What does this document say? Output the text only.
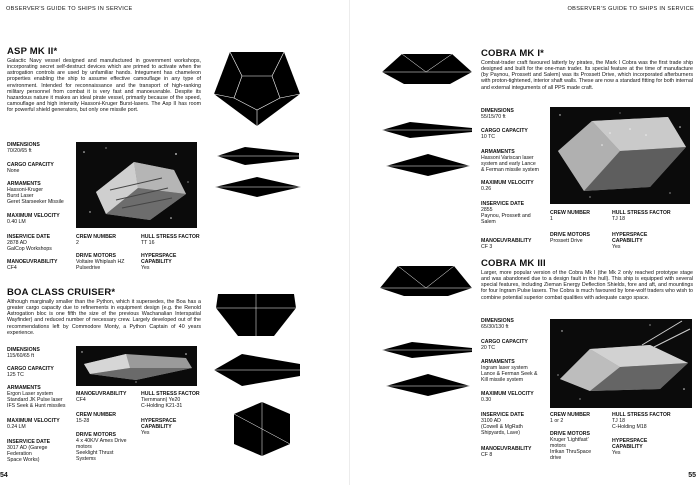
OBSERVER'S GUIDE TO SHIPS IN SERVICE	OBSERVER'S GUIDE TO SHIPS IN SERVICE
54	55
ASP MK II*
Galactic Navy vessel designed and manufactured in government workshops, incorporating secret self-destruct devices which are primed to activate when the astrogation controls are used by unfamiliar hands. Integument has chameleon properties enabling the ship to assume effective camouflage in any type of environment. Intended for reconnaissance and the transport of high-ranking military personnel from combat it is very fast and manoeuvrable. Despite its hazardous nature it makes an ideal pirate vessel, primarily because of the speed, camouflage and high intensity Hassoni-Kruger Burst-lasers. The Asp II has room for powerful shield generators, but only one missile port.
DIMENSIONS
70/20/65 ft
CARGO CAPACITY
None
ARMAMENTS
Hassoni-Kruger
Burst Laser
Geret Starseeker Missile
MAXIMUM VELOCITY
0.40 LM
INSERVICE DATE
2878 AD
GalCop Workshops
MANOEUVRABILITY
CF4
CREW NUMBER
2
DRIVE MOTORS
Voltaire Whiplash HZ
Pulsedrive
HULL STRESS FACTOR
TT 16
HYPERSPACE
CAPABILITY
Yes
BOA CLASS CRUISER*
Although marginally smaller than the Python, which it supersedes, the Boa has a greater cargo capacity due to refinements in equipment design (e.g. the Renold Astrogation bloc is one fifth the size of the previous Wachanalian Interspatial Wayfinder) and reduced number of necessary crew. Largely developed out of the recommendations left by Commodore Monty, a Python Captain of 40 years experience.
DIMENSIONS
115/60/65 ft
CARGO CAPACITY
125 TC
ARMAMENTS
Ergon Laser system
Standard JK Pulse laser
IFS Seek & Hunt missiles
MAXIMUM VELOCITY
0.24 LM
INSERVICE DATE
3017 AD (Garege
Federation
Space Works)
MANOEUVRABILITY
CF4
CREW NUMBER
15-28
DRIVE MOTORS
4 x 40K/V Ames Drive
motors
Seeklight Thrust
Systems
HULL STRESS FACTOR
Tiernmann) Ye20
C-Holding K21-31
HYPERSPACE
CAPABILITY
Yes
COBRA MK I*
Combat-trader craft favoured latterly by pirates, the Mark I Cobra was the first trade ship designed and built for the one-man trader. Its special feature at the time of manufacture (by Paynou, Prossett and Salem) was its Prossett Drive, which incorporated afterburners with proton-tightened, interior shaft walls. These are now a standard fitting for both internal and external integuments of all PPS made craft.
DIMENSIONS
55/15/70 ft
CARGO CAPACITY
10 TC
ARMAMENTS
Hassoni Variscan laser
system and early Lance
& Ferman missile system
MAXIMUM VELOCITY
0.26
INSERVICE DATE
2855
Paynou, Prossett and
Salem
MANOEUVRABILITY
CF 3
CREW NUMBER
1
DRIVE MOTORS
Prossett Drive
HULL STRESS FACTOR
TJ 18
HYPERSPACE
CAPABILITY
Yes
COBRA MK III
Larger, more popular version of the Cobra Mk I (the Mk 2 only reached prototype stage and was abandoned due to a design fault in the hull). This ship is equipped with several special features, including Zieman Energy Deflection Shields, fore and aft, and mountings for four Ingram Pulse lasers. The Cobra is much favoured by lone-wolf traders who wish to combine potential superior combat qualities with adequate cargo space.
DIMENSIONS
65/30/130 ft
CARGO CAPACITY
20 TC
ARMAMENTS
Ingram laser system
Lance & Ferman Seek &
Kill missile system
MAXIMUM VELOCITY
0.30
INSERVICE DATE
3100 AD
(Cowell & MgRath
Shipyards, Lave)
MANOEUVRABILITY
CF 8
CREW NUMBER
1 or 2
DRIVE MOTORS
Kruger 'Lightfast'
motors
Irrikan ThruSpace
drive
HULL STRESS FACTOR
TJ 18
C-Holding M18
HYPERSPACE
CAPABILITY
Yes
